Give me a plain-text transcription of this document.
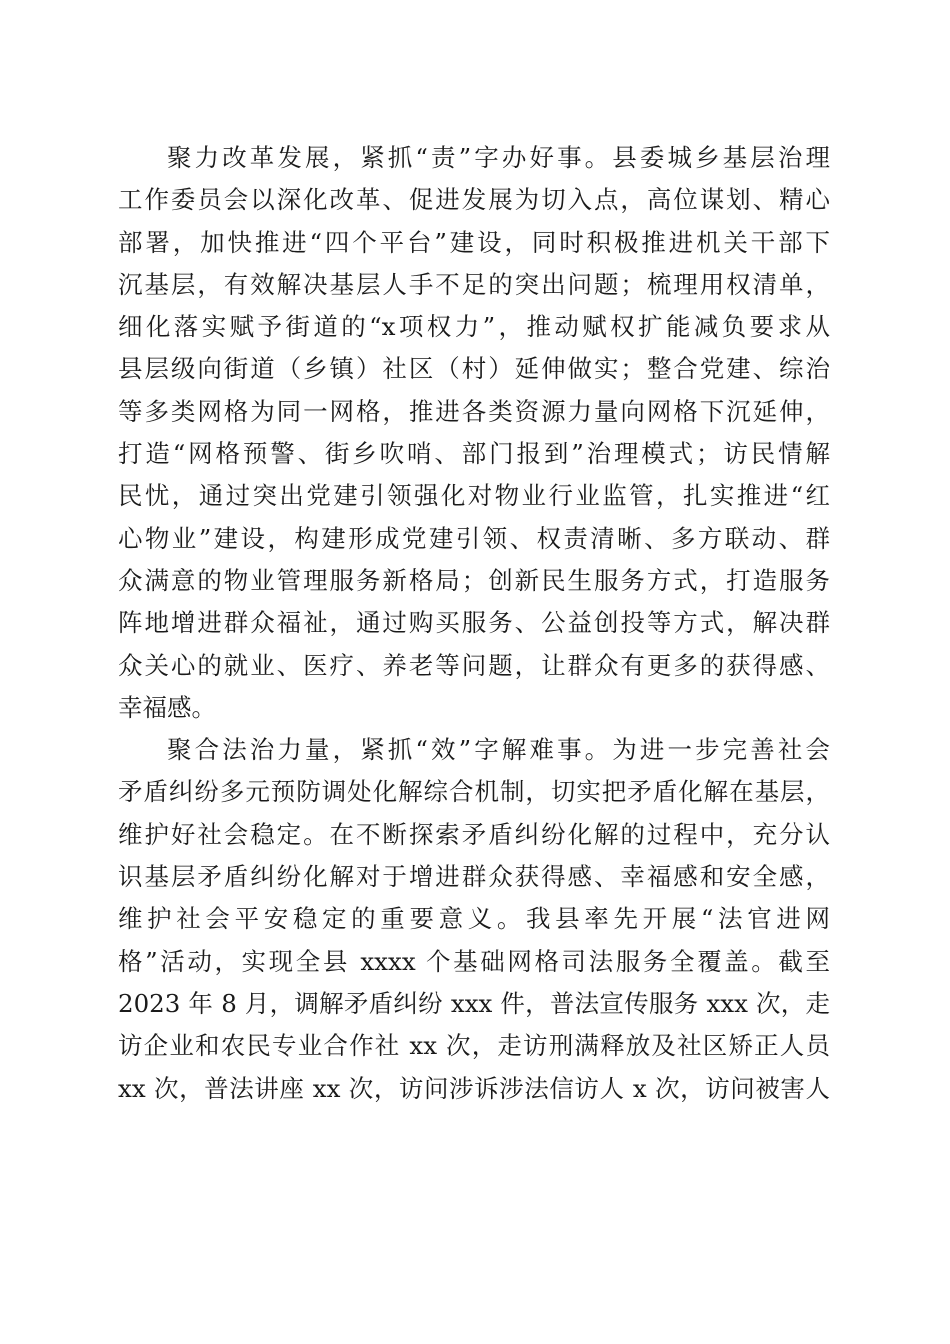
聚力改革发展，紧抓“责”字办好事。县委城乡基层治理
工作委员会以深化改革、促进发展为切入点，高位谋划、精心
部署，加快推进“四个平台”建设，同时积极推进机关干部下
沉基层，有效解决基层人手不足的突出问题；梳理用权清单，
细化落实赋予街道的“x项权力”，推动赋权扩能减负要求从
县层级向街道（乡镇）社区（村）延伸做实；整合党建、综治
等多类网格为同一网格，推进各类资源力量向网格下沉延伸，
打造“网格预警、街乡吹哨、部门报到”治理模式；访民情解
民忧，通过突出党建引领强化对物业行业监管，扎实推进“红
心物业”建设，构建形成党建引领、权责清晰、多方联动、群
众满意的物业管理服务新格局；创新民生服务方式，打造服务
阵地增进群众福祉，通过购买服务、公益创投等方式，解决群
众关心的就业、医疗、养老等问题，让群众有更多的获得感、
幸福感。
聚合法治力量，紧抓“效”字解难事。为进一步完善社会
矛盾纠纷多元预防调处化解综合机制，切实把矛盾化解在基层，
维护好社会稳定。在不断探索矛盾纠纷化解的过程中，充分认
识基层矛盾纠纷化解对于增进群众获得感、幸福感和安全感，
维护社会平安稳定的重要意义。我县率先开展“法官进网
格”活动，实现全县 xxxx 个基础网格司法服务全覆盖。截至
2023 年 8 月，调解矛盾纠纷 xxx 件，普法宣传服务 xxx 次，走
访企业和农民专业合作社 xx 次，走访刑满释放及社区矫正人员
xx 次，普法讲座 xx 次，访问涉诉涉法信访人 x 次，访问被害人
